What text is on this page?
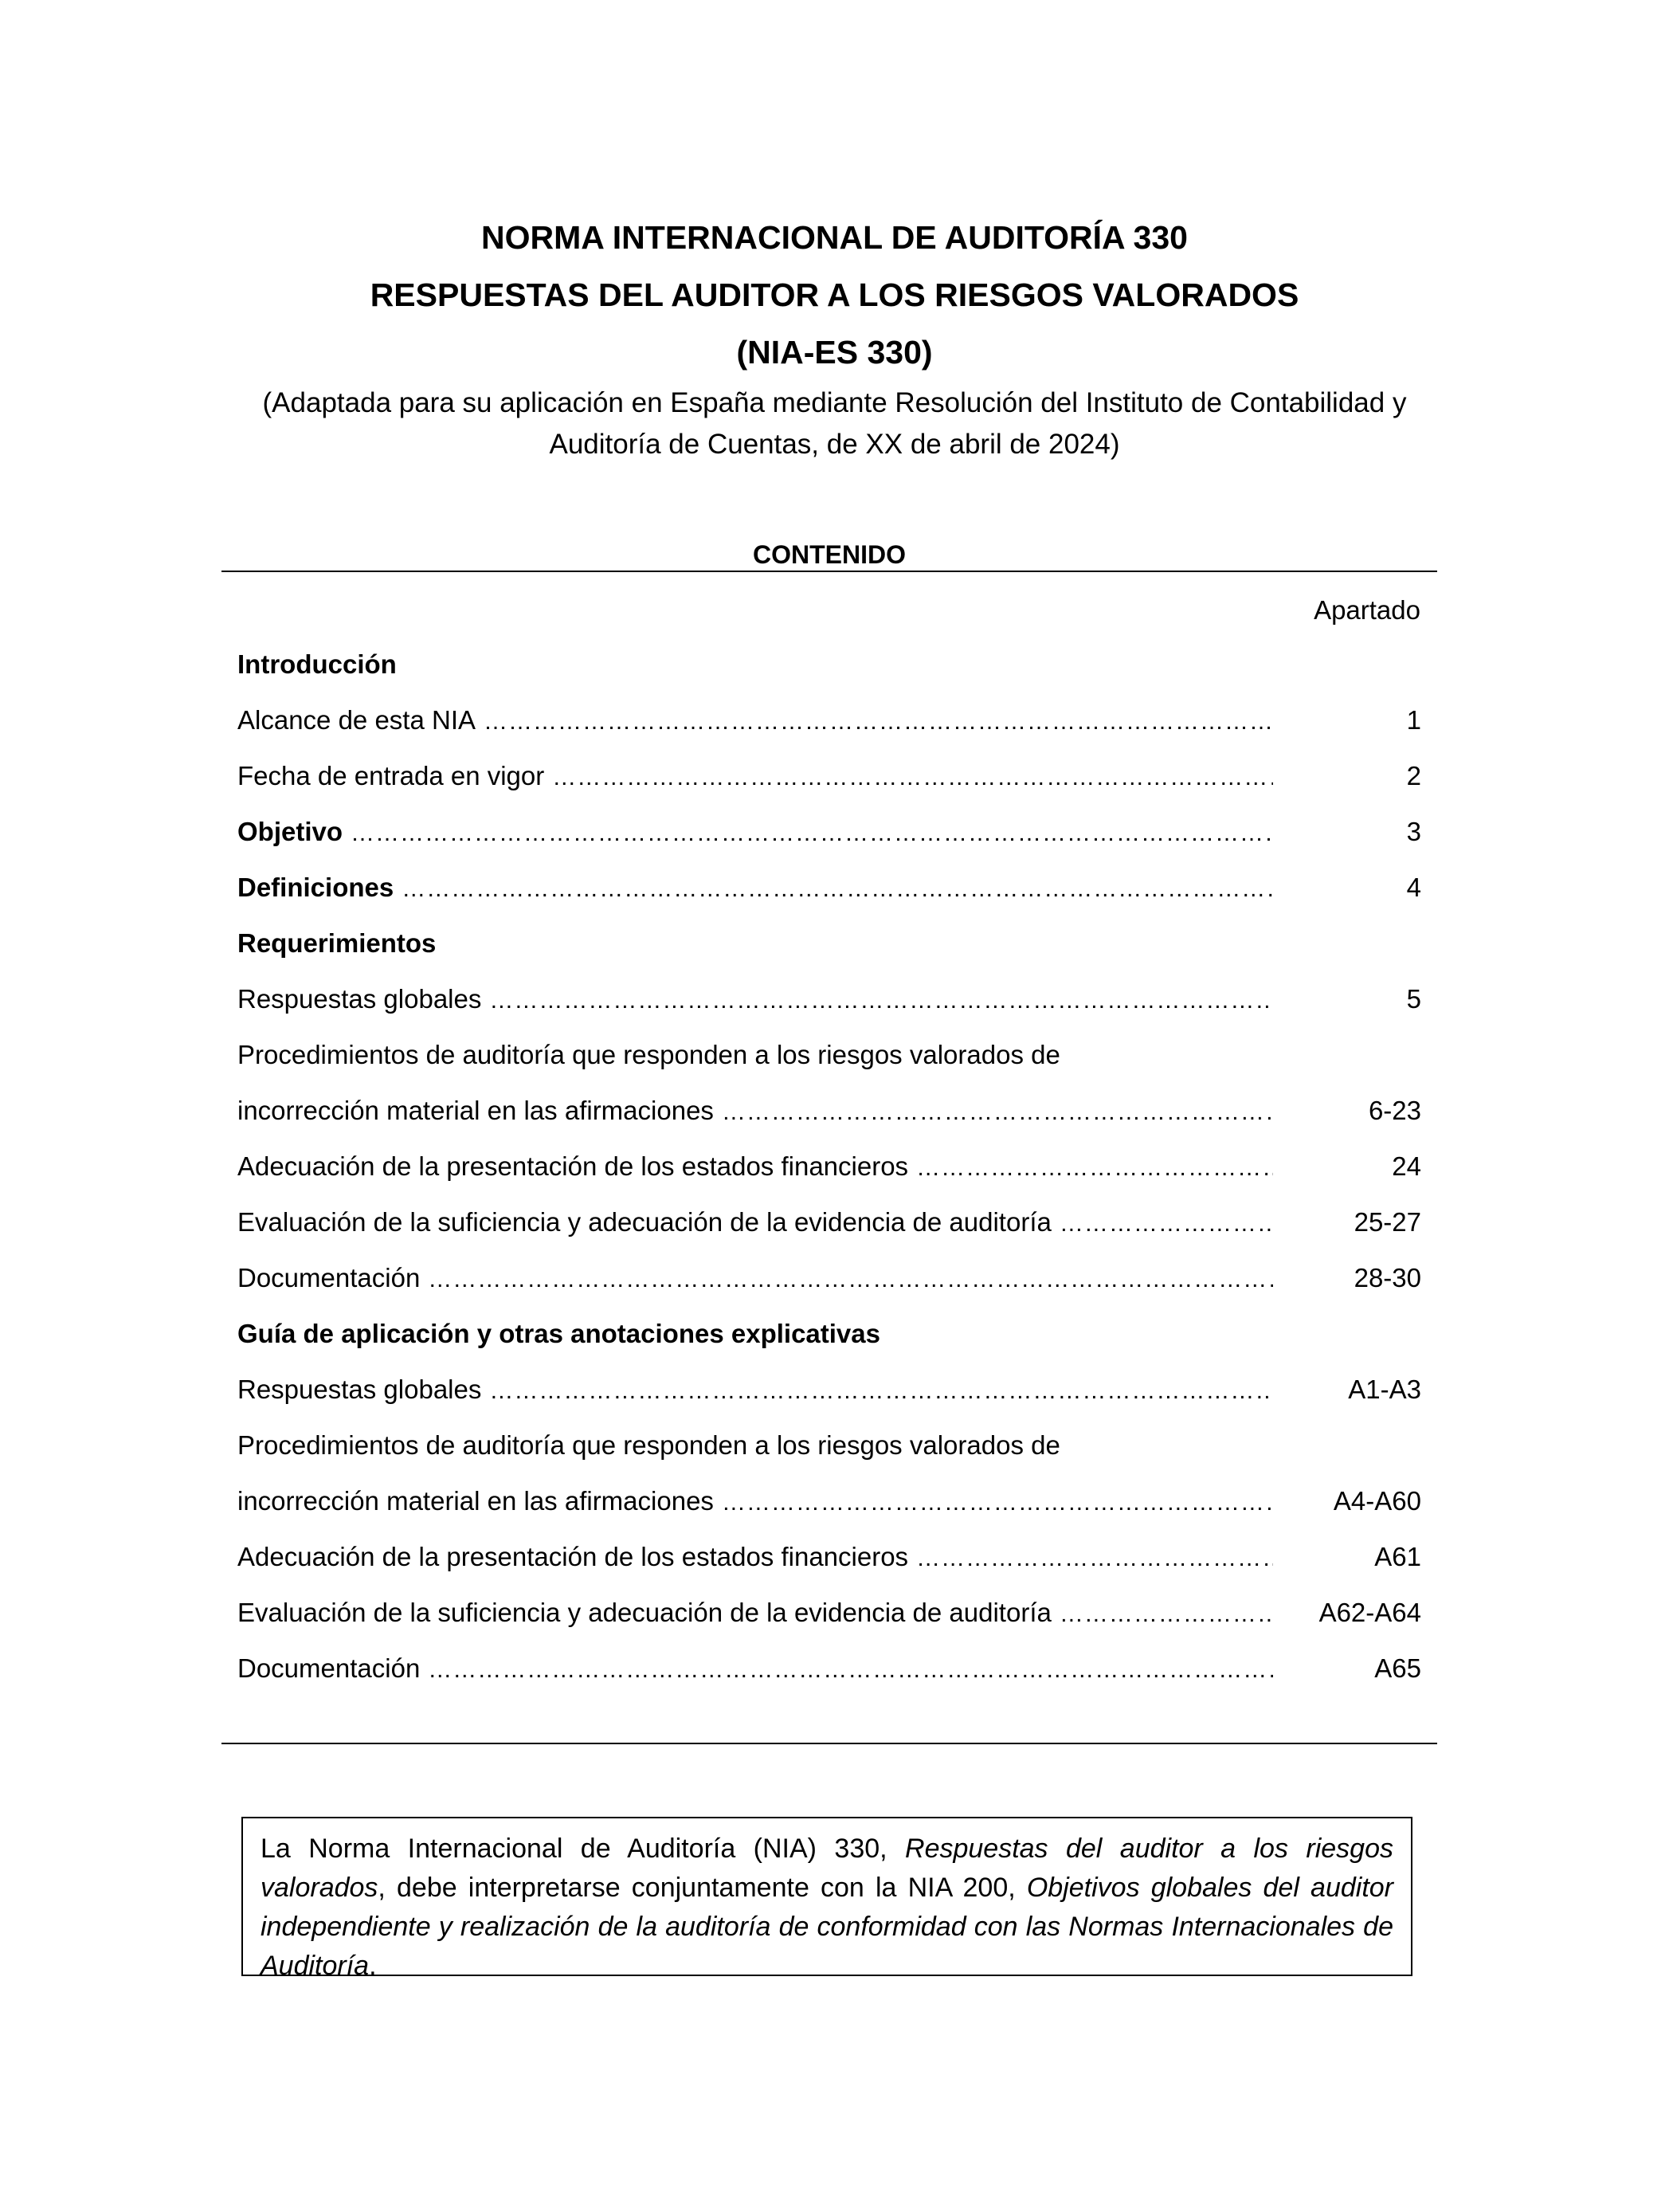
NORMA INTERNACIONAL DE AUDITORÍA 330

RESPUESTAS DEL AUDITOR A LOS RIESGOS VALORADOS

(NIA-ES 330)

(Adaptada para su aplicación en España mediante Resolución del Instituto de Contabilidad y

Auditoría de Cuentas, de XX de abril de 2024)

CONTENIDO
Apartado
Introducción
Alcance de esta NIA ………………………………………………………………………………………………………………………………………………………………………………………………………………………	1
Fecha de entrada en vigor ………………………………………………………………………………………………………………………………………………………………………………………………………………………	2
Objetivo ………………………………………………………………………………………………………………………………………………………………………………………………………………………	3
Definiciones ………………………………………………………………………………………………………………………………………………………………………………………………………………………	4
Requerimientos
Respuestas globales ………………………………………………………………………………………………………………………………………………………………………………………………………………………	5
Procedimientos de auditoría que responden a los riesgos valorados de
incorrección material en las afirmaciones ………………………………………………………………………………………………………………………………………………………………………………………………………………………	6-23
Adecuación de la presentación de los estados financieros ………………………………………………………………………………………………………………………………………………………………………………………………………………………	24
Evaluación de la suficiencia y adecuación de la evidencia de auditoría ………………………………………………………………………………………………………………………………………………………………………………………………………………………	25-27
Documentación ………………………………………………………………………………………………………………………………………………………………………………………………………………………	28-30
Guía de aplicación y otras anotaciones explicativas
Respuestas globales ………………………………………………………………………………………………………………………………………………………………………………………………………………………	A1-A3
Procedimientos de auditoría que responden a los riesgos valorados de
incorrección material en las afirmaciones ………………………………………………………………………………………………………………………………………………………………………………………………………………………	A4-A60
Adecuación de la presentación de los estados financieros ………………………………………………………………………………………………………………………………………………………………………………………………………………………	A61
Evaluación de la suficiencia y adecuación de la evidencia de auditoría ………………………………………………………………………………………………………………………………………………………………………………………………………………………	A62-A64
Documentación ………………………………………………………………………………………………………………………………………………………………………………………………………………………	A65
La Norma Internacional de Auditoría (NIA) 330, Respuestas del auditor a los riesgos valorados, debe interpretarse conjuntamente con la NIA 200, Objetivos globales del auditor independiente y realización de la auditoría de conformidad con las Normas Internacionales de Auditoría.
